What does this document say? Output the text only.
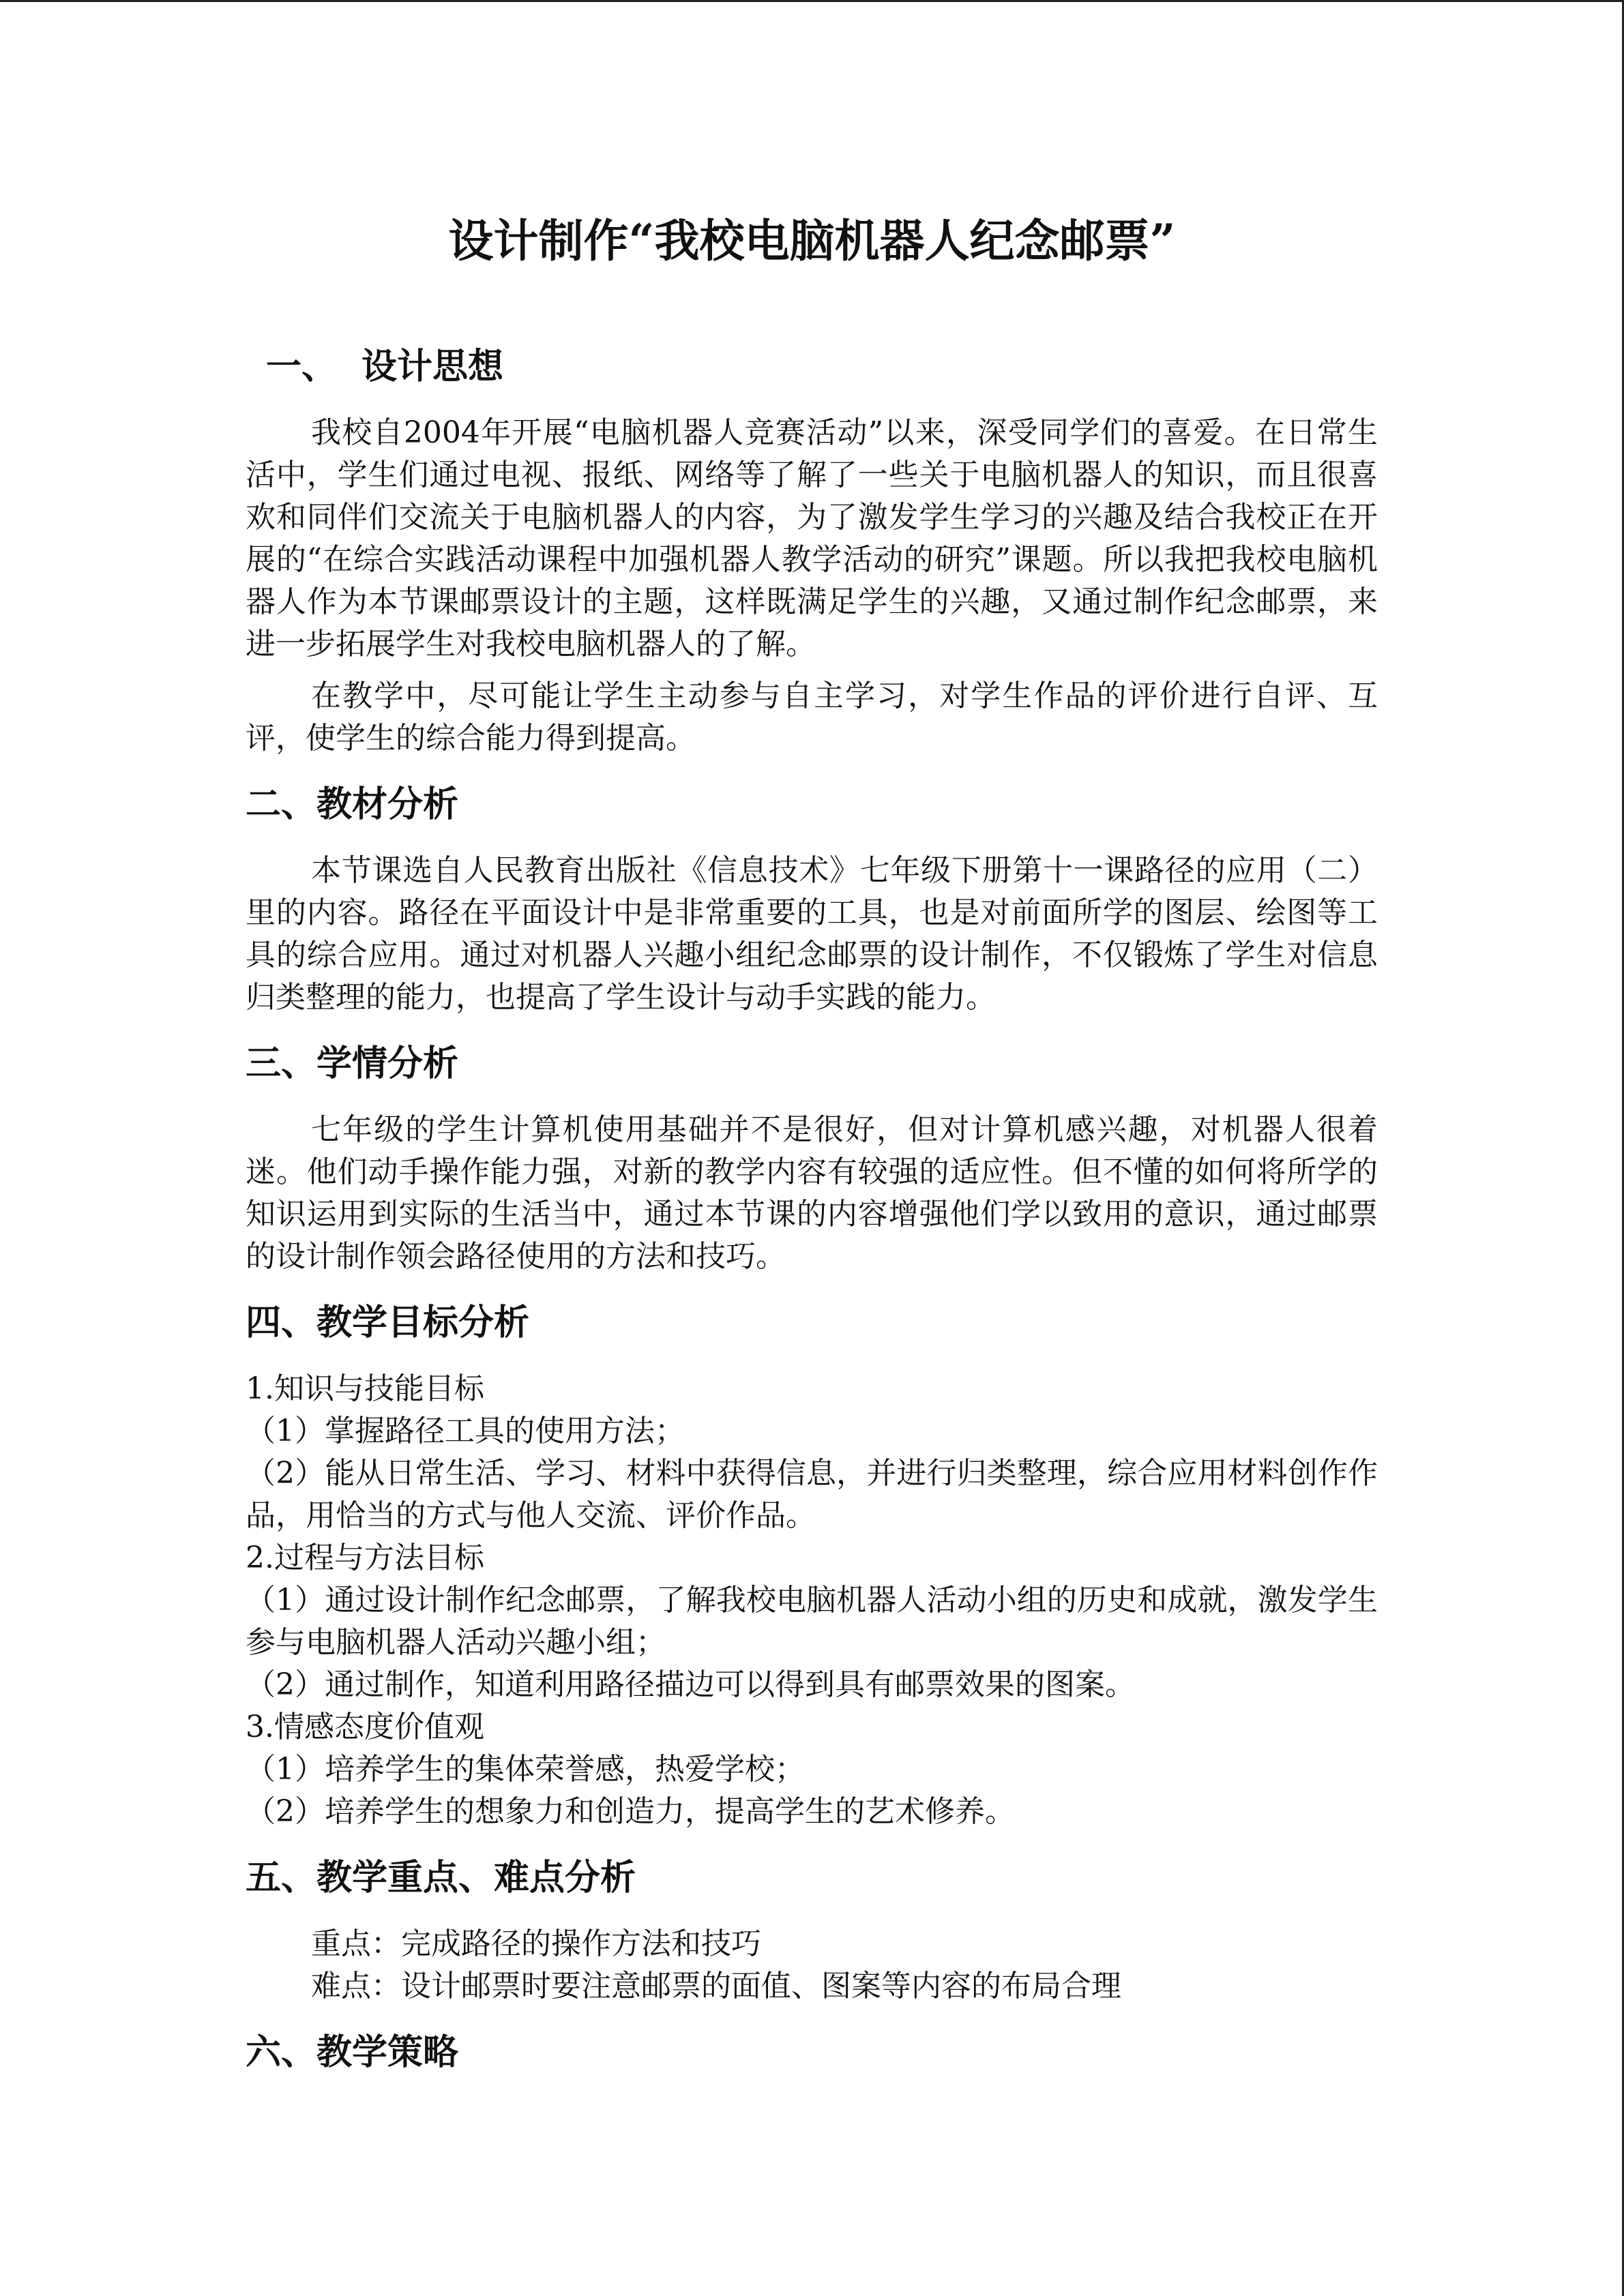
设计制作“我校电脑机器人纪念邮票”
一、 设计思想

我校自2004年开展“电脑机器人竞赛活动”以来，深受同学们的喜爱。在日常生活中，学生们通过电视、报纸、网络等了解了一些关于电脑机器人的知识，而且很喜欢和同伴们交流关于电脑机器人的内容，为了激发学生学习的兴趣及结合我校正在开展的“在综合实践活动课程中加强机器人教学活动的研究”课题。所以我把我校电脑机器人作为本节课邮票设计的主题，这样既满足学生的兴趣，又通过制作纪念邮票，来进一步拓展学生对我校电脑机器人的了解。

在教学中，尽可能让学生主动参与自主学习，对学生作品的评价进行自评、互评，使学生的综合能力得到提高。

二、教材分析

本节课选自人民教育出版社《信息技术》七年级下册第十一课路径的应用（二）里的内容。路径在平面设计中是非常重要的工具，也是对前面所学的图层、绘图等工具的综合应用。通过对机器人兴趣小组纪念邮票的设计制作，不仅锻炼了学生对信息归类整理的能力，也提高了学生设计与动手实践的能力。

三、学情分析

七年级的学生计算机使用基础并不是很好，但对计算机感兴趣，对机器人很着迷。他们动手操作能力强，对新的教学内容有较强的适应性。但不懂的如何将所学的知识运用到实际的生活当中，通过本节课的内容增强他们学以致用的意识，通过邮票的设计制作领会路径使用的方法和技巧。

四、教学目标分析

1.知识与技能目标

（1）掌握路径工具的使用方法；

（2）能从日常生活、学习、材料中获得信息，并进行归类整理，综合应用材料创作作品，用恰当的方式与他人交流、评价作品。

2.过程与方法目标

（1）通过设计制作纪念邮票，了解我校电脑机器人活动小组的历史和成就，激发学生参与电脑机器人活动兴趣小组；

（2）通过制作，知道利用路径描边可以得到具有邮票效果的图案。

3.情感态度价值观

（1）培养学生的集体荣誉感，热爱学校；

（2）培养学生的想象力和创造力，提高学生的艺术修养。

五、教学重点、难点分析

重点：完成路径的操作方法和技巧

难点：设计邮票时要注意邮票的面值、图案等内容的布局合理

六、教学策略
